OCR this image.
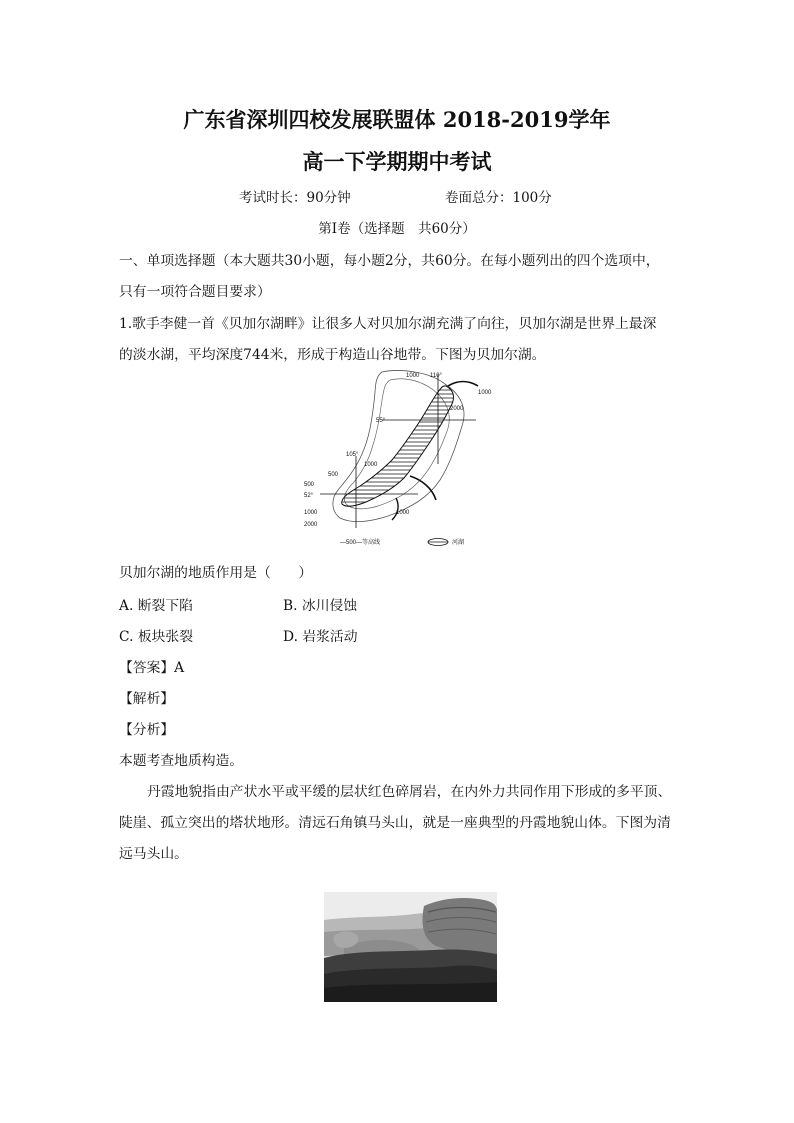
广东省深圳四校发展联盟体 2018-2019学年
高一下学期期中考试
考试时长：90分钟	卷面总分：100分
第Ⅰ卷（选择题　共60分）
一、单项选择题（本大题共30小题，每小题2分，共60分。在每小题列出的四个选项中，
只有一项符合题目要求）
1.歌手李健一首《贝加尔湖畔》让很多人对贝加尔湖充满了向往，贝加尔湖是世界上最深
的淡水湖，平均深度744米，形成于构造山谷地带。下图为贝加尔湖。
1000 110°
1000
2000
55°
105°
1000
500
500
52°
1000
2000
1000
—500—等高线	河湖
贝加尔湖的地质作用是（　　）
A. 断裂下陷	B. 冰川侵蚀
C. 板块张裂	D. 岩浆活动
【答案】A
【解析】
【分析】
本题考查地质构造。
丹霞地貌指由产状水平或平缓的层状红色碎屑岩，在内外力共同作用下形成的多平顶、
陡崖、孤立突出的塔状地形。清远石角镇马头山，就是一座典型的丹霞地貌山体。下图为清
远马头山。
